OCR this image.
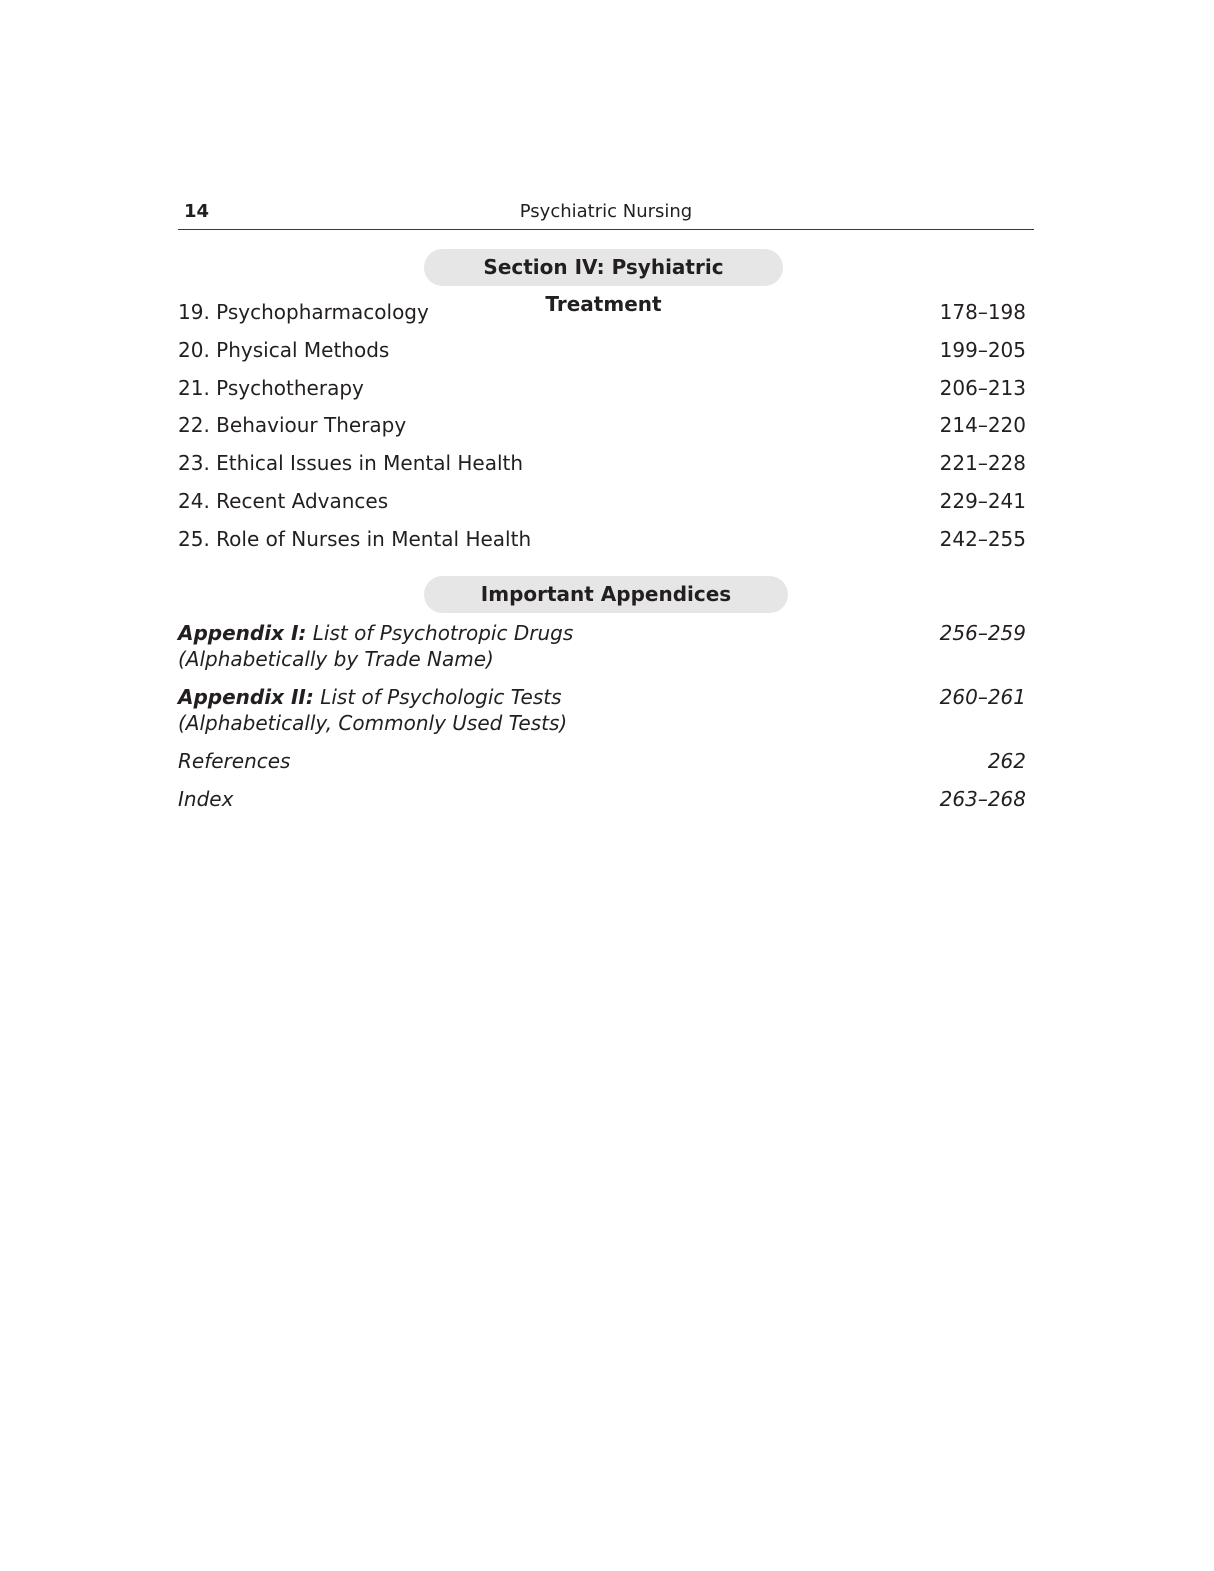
14	Psychiatric Nursing
Section IV: Psyhiatric Treatment
19. Psychopharmacology	178–198
20. Physical Methods	199–205
21. Psychotherapy	206–213
22. Behaviour Therapy	214–220
23. Ethical Issues in Mental Health	221–228
24. Recent Advances	229–241
25. Role of Nurses in Mental Health	242–255
Important Appendices
Appendix I: List of Psychotropic Drugs	256–259
(Alphabetically by Trade Name)
Appendix II: List of Psychologic Tests	260–261
(Alphabetically, Commonly Used Tests)
References	262
Index	263–268
